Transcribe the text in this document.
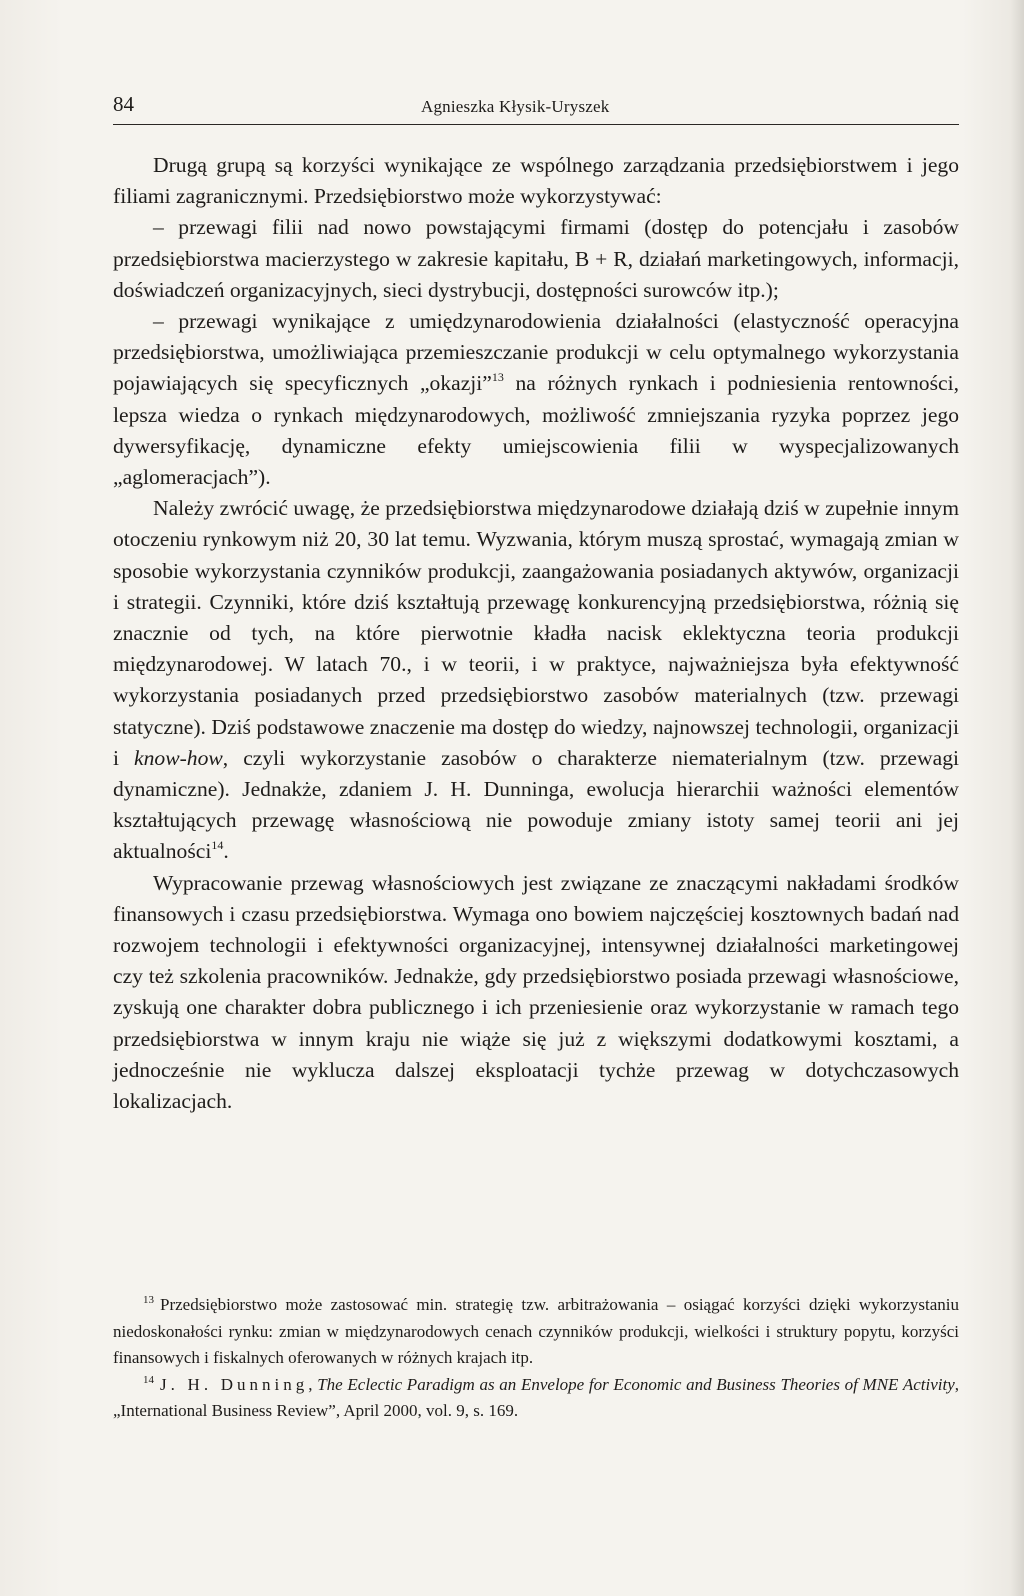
84	Agnieszka Kłysik-Uryszek

Drugą grupą są korzyści wynikające ze wspólnego zarządzania przedsiębiorstwem i jego filiami zagranicznymi. Przedsiębiorstwo może wykorzystywać:

– przewagi filii nad nowo powstającymi firmami (dostęp do potencjału i zasobów przedsiębiorstwa macierzystego w zakresie kapitału, B + R, działań marketingowych, informacji, doświadczeń organizacyjnych, sieci dystrybucji, dostępności surowców itp.);

– przewagi wynikające z umiędzynarodowienia działalności (elastyczność operacyjna przedsiębiorstwa, umożliwiająca przemieszczanie produkcji w celu optymalnego wykorzystania pojawiających się specyficznych „okazji”$^{13}$ na różnych rynkach i podniesienia rentowności, lepsza wiedza o rynkach międzynarodowych, możliwość zmniejszania ryzyka poprzez jego dywersyfikację, dynamiczne efekty umiejscowienia filii w wyspecjalizowanych „aglomeracjach”).

Należy zwrócić uwagę, że przedsiębiorstwa międzynarodowe działają dziś w zupełnie innym otoczeniu rynkowym niż 20, 30 lat temu. Wyzwania, którym muszą sprostać, wymagają zmian w sposobie wykorzystania czynników produkcji, zaangażowania posiadanych aktywów, organizacji i strategii. Czynniki, które dziś kształtują przewagę konkurencyjną przedsiębiorstwa, różnią się znacznie od tych, na które pierwotnie kładła nacisk eklektyczna teoria produkcji międzynarodowej. W latach 70., i w teorii, i w praktyce, najważniejsza była efektywność wykorzystania posiadanych przed przedsiębiorstwo zasobów materialnych (tzw. przewagi statyczne). Dziś podstawowe znaczenie ma dostęp do wiedzy, najnowszej technologii, organizacji i know-how, czyli wykorzystanie zasobów o charakterze niematerialnym (tzw. przewagi dynamiczne). Jednakże, zdaniem J. H. Dunninga, ewolucja hierarchii ważności elementów kształtujących przewagę własnościową nie powoduje zmiany istoty samej teorii ani jej aktualności$^{14}$.

Wypracowanie przewag własnościowych jest związane ze znaczącymi nakładami środków finansowych i czasu przedsiębiorstwa. Wymaga ono bowiem najczęściej kosztownych badań nad rozwojem technologii i efektywności organizacyjnej, intensywnej działalności marketingowej czy też szkolenia pracowników. Jednakże, gdy przedsiębiorstwo posiada przewagi własnościowe, zyskują one charakter dobra publicznego i ich przeniesienie oraz wykorzystanie w ramach tego przedsiębiorstwa w innym kraju nie wiąże się już z większymi dodatkowymi kosztami, a jednocześnie nie wyklucza dalszej eksploatacji tychże przewag w dotychczasowych lokalizacjach.

$^{13}$ Przedsiębiorstwo może zastosować min. strategię tzw. arbitrażowania – osiągać korzyści dzięki wykorzystaniu niedoskonałości rynku: zmian w międzynarodowych cenach czynników produkcji, wielkości i struktury popytu, korzyści finansowych i fiskalnych oferowanych w różnych krajach itp.

$^{14}$ J. H. Dunning, The Eclectic Paradigm as an Envelope for Economic and Business Theories of MNE Activity, „International Business Review”, April 2000, vol. 9, s. 169.
